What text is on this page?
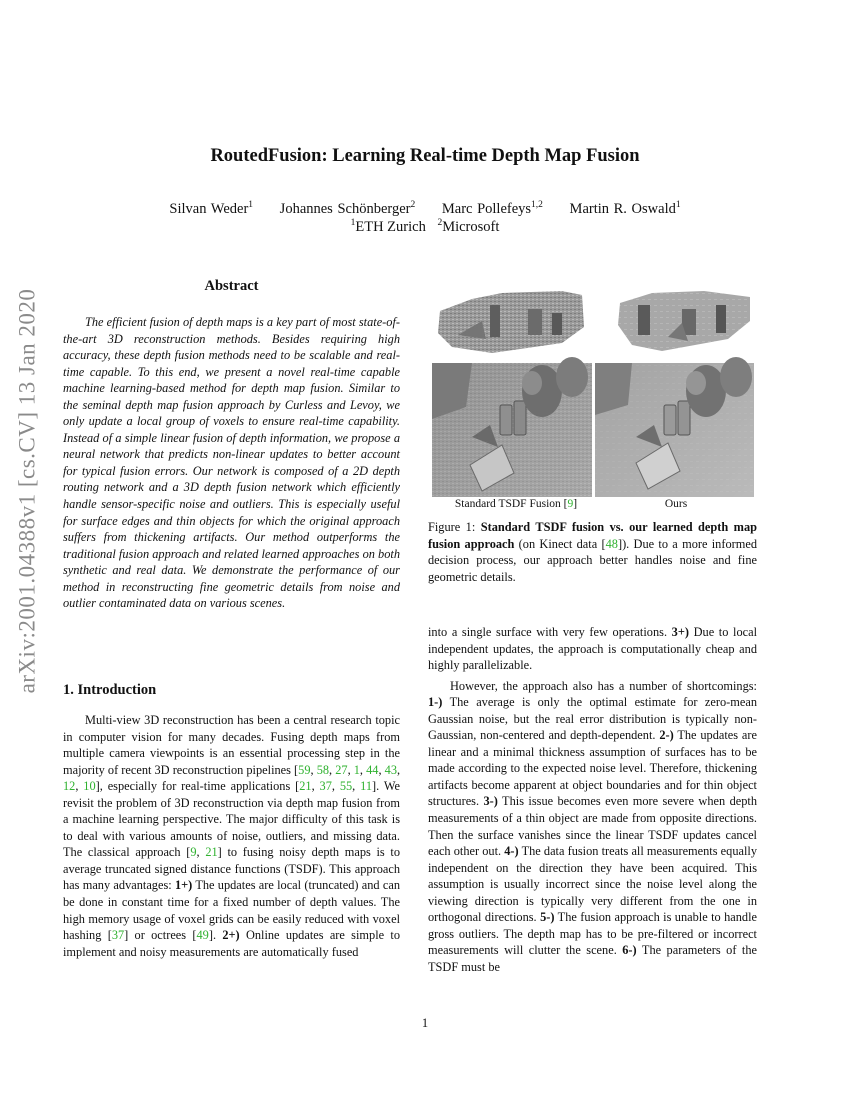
arXiv:2001.04388v1 [cs.CV] 13 Jan 2020
RoutedFusion: Learning Real-time Depth Map Fusion
Silvan Weder$^1$ Johannes Schönberger$^2$ Marc Pollefeys$^{1,2}$ Martin R. Oswald$^1$
$^1$ETH Zurich $^2$Microsoft
Abstract
The efficient fusion of depth maps is a key part of most state-of-the-art 3D reconstruction methods. Besides requiring high accuracy, these depth fusion methods need to be scalable and real-time capable. To this end, we present a novel real-time capable machine learning-based method for depth map fusion. Similar to the seminal depth map fusion approach by Curless and Levoy, we only update a local group of voxels to ensure real-time capability. Instead of a simple linear fusion of depth information, we propose a neural network that predicts non-linear updates to better account for typical fusion errors. Our network is composed of a 2D depth routing network and a 3D depth fusion network which efficiently handle sensor-specific noise and outliers. This is especially useful for surface edges and thin objects for which the original approach suffers from thickening artifacts. Our method outperforms the traditional fusion approach and related learned approaches on both synthetic and real data. We demonstrate the performance of our method in reconstructing fine geometric details from noise and outlier contaminated data on various scenes.
1. Introduction
Multi-view 3D reconstruction has been a central research topic in computer vision for many decades. Fusing depth maps from multiple camera viewpoints is an essential processing step in the majority of recent 3D reconstruction pipelines [59, 58, 27, 1, 44, 43, 12, 10], especially for real-time applications [21, 37, 55, 11]. We revisit the problem of 3D reconstruction via depth map fusion from a machine learning perspective. The major difficulty of this task is to deal with various amounts of noise, outliers, and missing data. The classical approach [9, 21] to fusing noisy depth maps is to average truncated signed distance functions (TSDF). This approach has many advantages: 1+) The updates are local (truncated) and can be done in constant time for a fixed number of depth values. The high memory usage of voxel grids can be easily reduced with voxel hashing [37] or octrees [49]. 2+) Online updates are simple to implement and noisy measurements are automatically fused
Standard TSDF Fusion [9]	Ours
Figure 1: Standard TSDF fusion vs. our learned depth map fusion approach (on Kinect data [48]). Due to a more informed decision process, our approach better handles noise and fine geometric details.

into a single surface with very few operations. 3+) Due to local independent updates, the approach is computationally cheap and highly parallelizable.

However, the approach also has a number of shortcomings: 1-) The average is only the optimal estimate for zero-mean Gaussian noise, but the real error distribution is typically non-Gaussian, non-centered and depth-dependent. 2-) The updates are linear and a minimal thickness assumption of surfaces has to be made according to the expected noise level. Therefore, thickening artifacts become apparent at object boundaries and for thin object structures. 3-) This issue becomes even more severe when depth measurements of a thin object are made from opposite directions. Then the surface vanishes since the linear TSDF updates cancel each other out. 4-) The data fusion treats all measurements equally independent on the direction they have been acquired. This assumption is usually incorrect since the noise level along the viewing direction is typically very different from the one in orthogonal directions. 5-) The fusion approach is unable to handle gross outliers. The depth map has to be pre-filtered or incorrect measurements will clutter the scene. 6-) The parameters of the TSDF must be

1
